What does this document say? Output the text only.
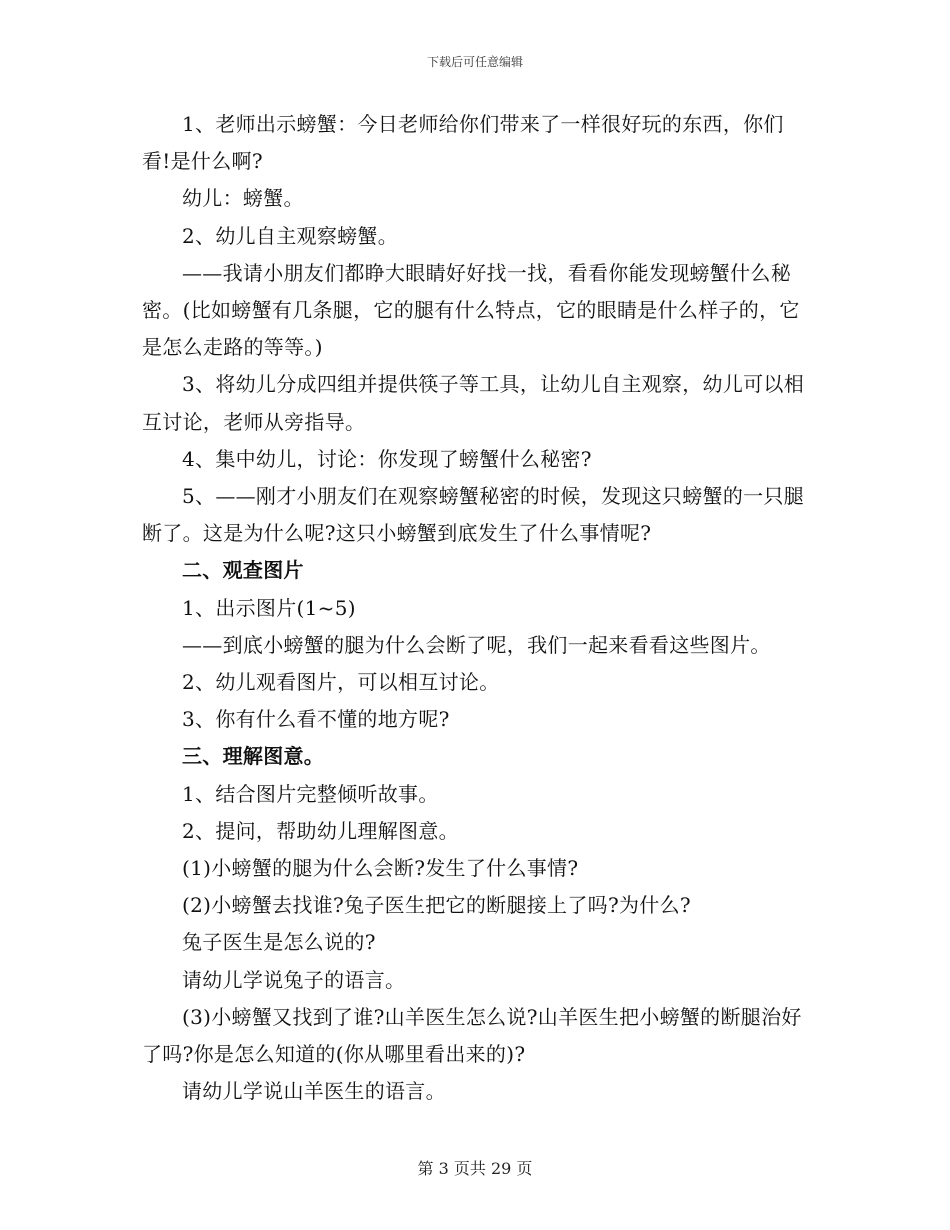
下载后可任意编辑

1、老师出示螃蟹：今日老师给你们带来了一样很好玩的东西，你们看!是什么啊?

幼儿：螃蟹。

2、幼儿自主观察螃蟹。

——我请小朋友们都睁大眼睛好好找一找，看看你能发现螃蟹什么秘密。(比如螃蟹有几条腿，它的腿有什么特点，它的眼睛是什么样子的，它是怎么走路的等等。)

3、将幼儿分成四组并提供筷子等工具，让幼儿自主观察，幼儿可以相互讨论，老师从旁指导。

4、集中幼儿，讨论：你发现了螃蟹什么秘密?

5、——刚才小朋友们在观察螃蟹秘密的时候，发现这只螃蟹的一只腿断了。这是为什么呢?这只小螃蟹到底发生了什么事情呢?

二、观查图片

1、出示图片(1~5)

——到底小螃蟹的腿为什么会断了呢，我们一起来看看这些图片。

2、幼儿观看图片，可以相互讨论。

3、你有什么看不懂的地方呢?

三、理解图意。

1、结合图片完整倾听故事。

2、提问，帮助幼儿理解图意。

(1)小螃蟹的腿为什么会断?发生了什么事情?

(2)小螃蟹去找谁?兔子医生把它的断腿接上了吗?为什么?

兔子医生是怎么说的?

请幼儿学说兔子的语言。

(3)小螃蟹又找到了谁?山羊医生怎么说?山羊医生把小螃蟹的断腿治好了吗?你是怎么知道的(你从哪里看出来的)?

请幼儿学说山羊医生的语言。

第 3 页共 29 页
